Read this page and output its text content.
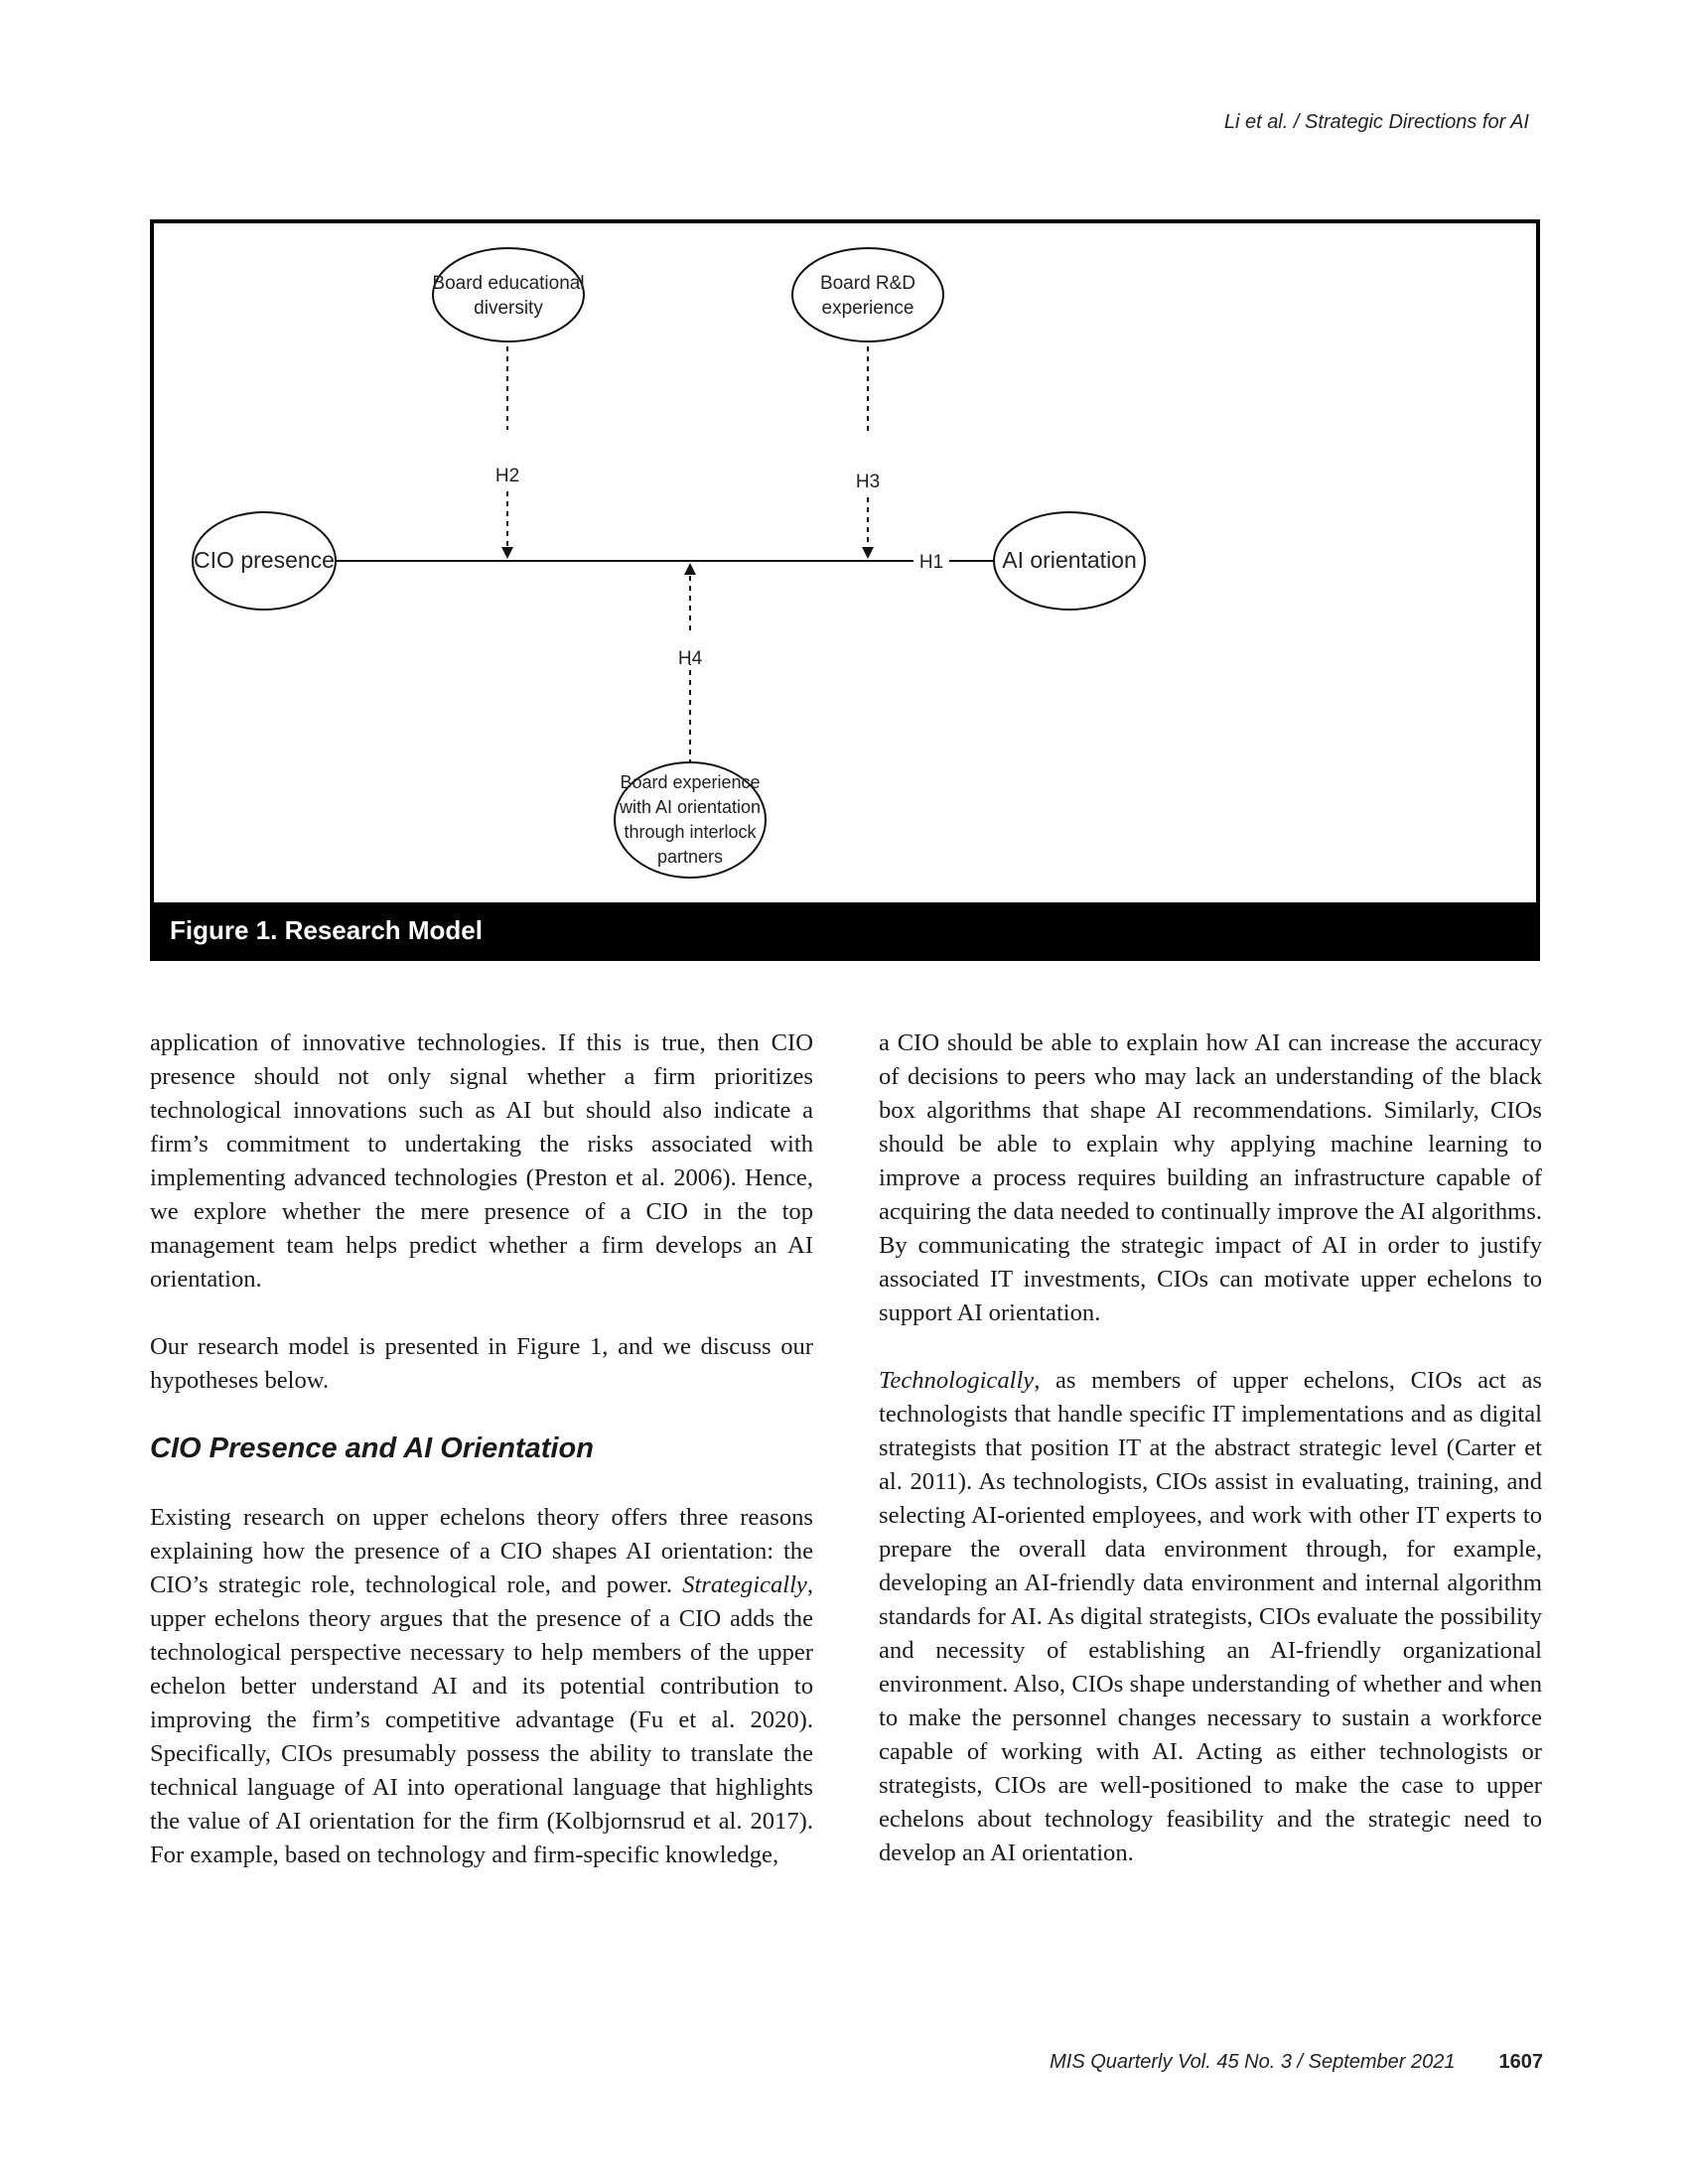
Li et al. / Strategic Directions for AI
H1
H2	H3
H4
CIO presence	AI orientation
Board educational
diversity
Board R&D
experience
Board experience
with AI orientation
through interlock
partners
Figure 1. Research Model

application of innovative technologies. If this is true, then CIO presence should not only signal whether a firm prioritizes technological innovations such as AI but should also indicate a firm’s commitment to undertaking the risks associated with implementing advanced technologies (Preston et al. 2006). Hence, we explore whether the mere presence of a CIO in the top management team helps predict whether a firm develops an AI orientation.

Our research model is presented in Figure 1, and we discuss our hypotheses below.

CIO Presence and AI Orientation

Existing research on upper echelons theory offers three reasons explaining how the presence of a CIO shapes AI orientation: the CIO’s strategic role, technological role, and power. Strategically, upper echelons theory argues that the presence of a CIO adds the technological perspective necessary to help members of the upper echelon better understand AI and its potential contribution to improving the firm’s competitive advantage (Fu et al. 2020). Specifically, CIOs presumably possess the ability to translate the technical language of AI into operational language that highlights the value of AI orientation for the firm (Kolbjornsrud et al. 2017). For example, based on technology and firm-specific knowledge,

a CIO should be able to explain how AI can increase the accuracy of decisions to peers who may lack an understanding of the black box algorithms that shape AI recommendations. Similarly, CIOs should be able to explain why applying machine learning to improve a process requires building an infrastructure capable of acquiring the data needed to continually improve the AI algorithms. By communicating the strategic impact of AI in order to justify associated IT investments, CIOs can motivate upper echelons to support AI orientation.

Technologically, as members of upper echelons, CIOs act as technologists that handle specific IT implementations and as digital strategists that position IT at the abstract strategic level (Carter et al. 2011). As technologists, CIOs assist in evaluating, training, and selecting AI-oriented employees, and work with other IT experts to prepare the overall data environment through, for example, developing an AI-friendly data environment and internal algorithm standards for AI. As digital strategists, CIOs evaluate the possibility and necessity of establishing an AI-friendly organizational environment. Also, CIOs shape understanding of whether and when to make the personnel changes necessary to sustain a workforce capable of working with AI. Acting as either technologists or strategists, CIOs are well-positioned to make the case to upper echelons about technology feasibility and the strategic need to develop an AI orientation.

MIS Quarterly Vol. 45 No. 3 / September 2021 1607
